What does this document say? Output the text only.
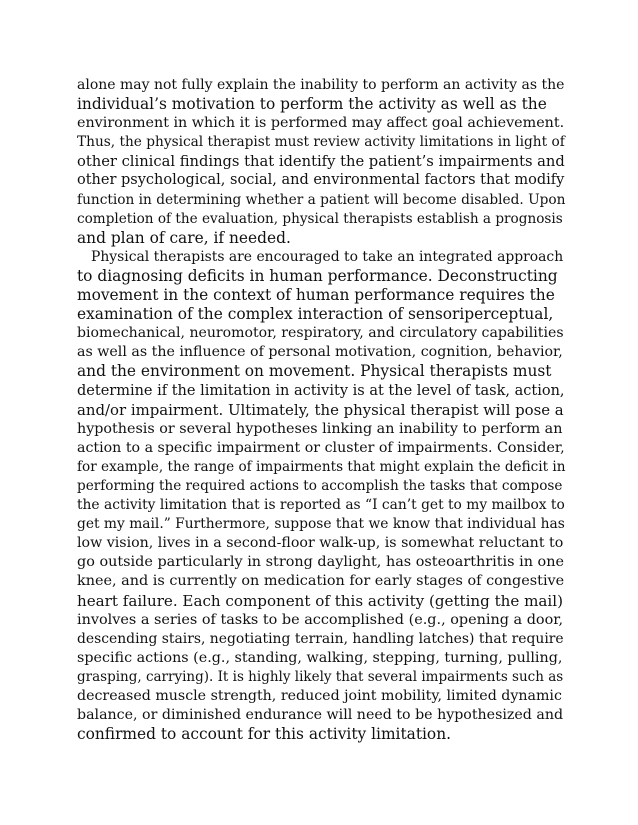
alone may not fully explain the inability to perform an activity as the
individual’s motivation to perform the activity as well as the
environment in which it is performed may affect goal achievement.
Thus, the physical therapist must review activity limitations in light of
other clinical findings that identify the patient’s impairments and
other psychological, social, and environmental factors that modify
function in determining whether a patient will become disabled. Upon
completion of the evaluation, physical therapists establish a prognosis
and plan of care, if needed.
Physical therapists are encouraged to take an integrated approach
to diagnosing deficits in human performance. Deconstructing
movement in the context of human performance requires the
examination of the complex interaction of sensoriperceptual,
biomechanical, neuromotor, respiratory, and circulatory capabilities
as well as the influence of personal motivation, cognition, behavior,
and the environment on movement. Physical therapists must
determine if the limitation in activity is at the level of task, action,
and/or impairment. Ultimately, the physical therapist will pose a
hypothesis or several hypotheses linking an inability to perform an
action to a specific impairment or cluster of impairments. Consider,
for example, the range of impairments that might explain the deficit in
performing the required actions to accomplish the tasks that compose
the activity limitation that is reported as “I can’t get to my mailbox to
get my mail.” Furthermore, suppose that we know that individual has
low vision, lives in a second-floor walk-up, is somewhat reluctant to
go outside particularly in strong daylight, has osteoarthritis in one
knee, and is currently on medication for early stages of congestive
heart failure. Each component of this activity (getting the mail)
involves a series of tasks to be accomplished (e.g., opening a door,
descending stairs, negotiating terrain, handling latches) that require
specific actions (e.g., standing, walking, stepping, turning, pulling,
grasping, carrying). It is highly likely that several impairments such as
decreased muscle strength, reduced joint mobility, limited dynamic
balance, or diminished endurance will need to be hypothesized and
confirmed to account for this activity limitation.
